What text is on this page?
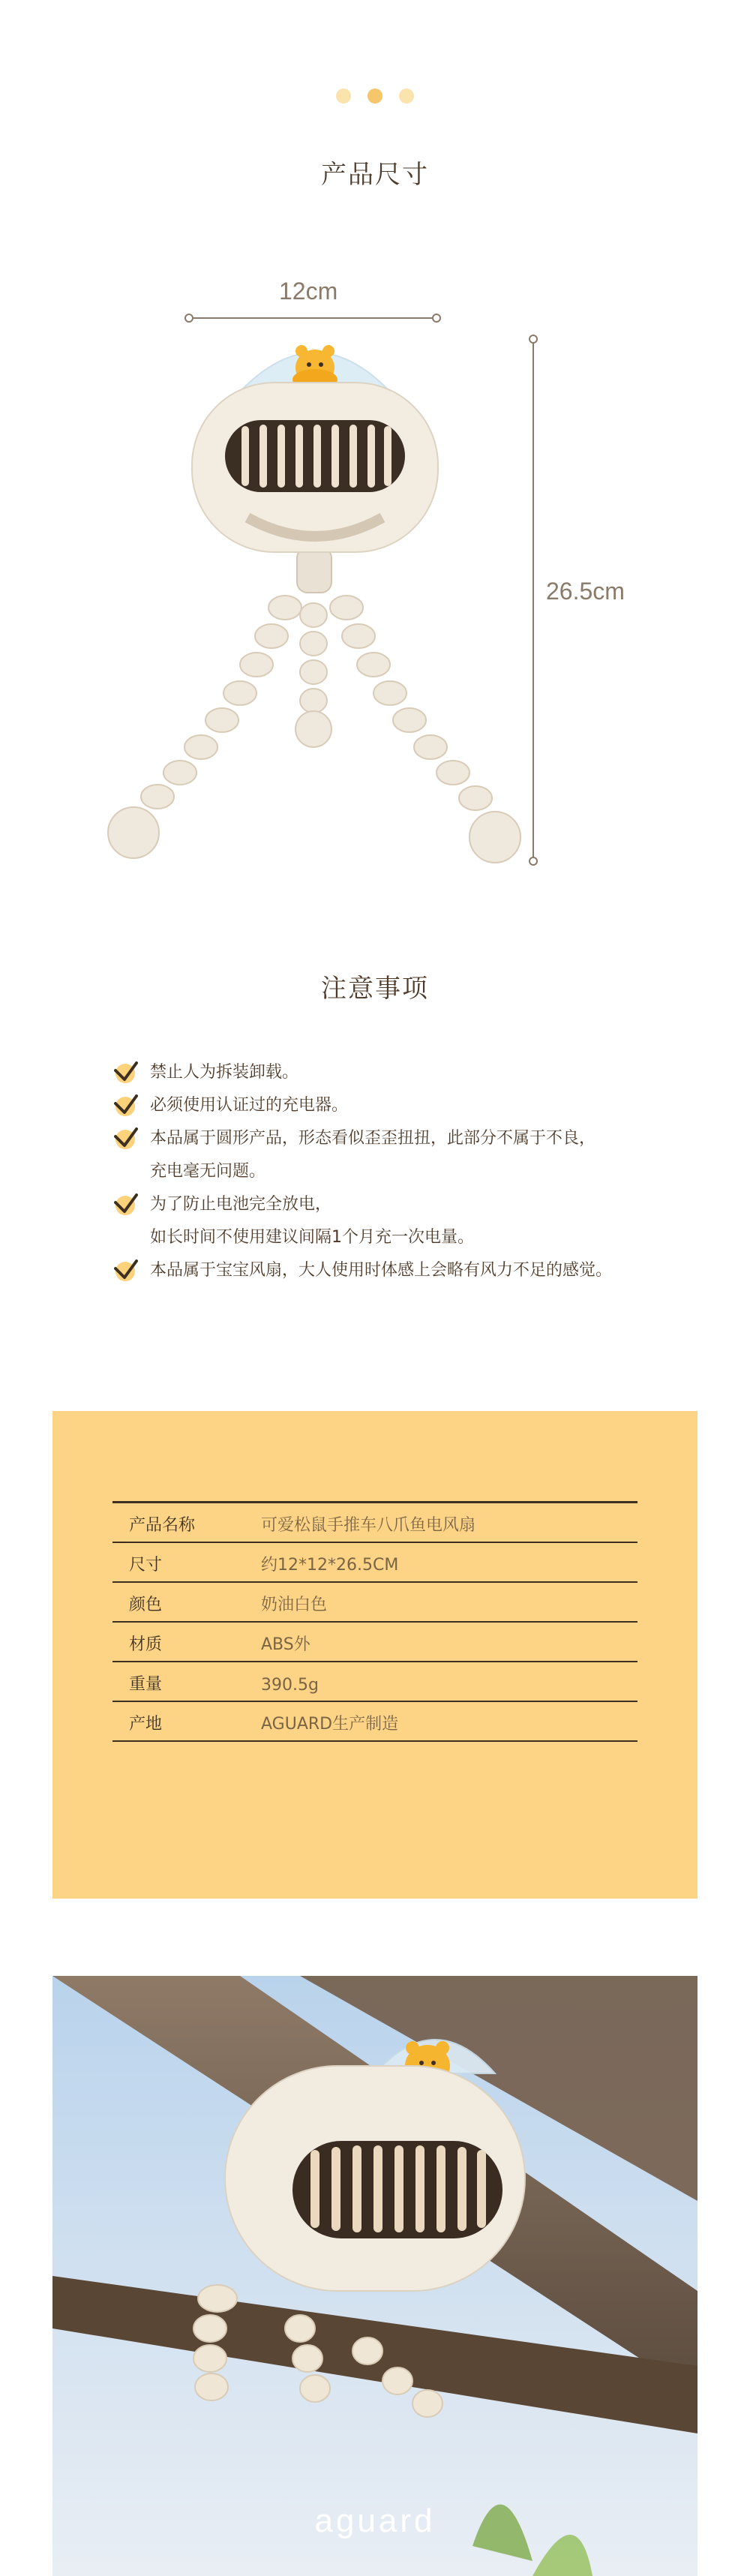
产品尺寸
12cm
26.5cm
注意事项
禁止人为拆装卸载。
必须使用认证过的充电器。
本品属于圆形产品，形态看似歪歪扭扭，此部分不属于不良，
充电毫无问题。
为了防止电池完全放电，
如长时间不使用建议间隔1个月充一次电量。
本品属于宝宝风扇，大人使用时体感上会略有风力不足的感觉。
产品名称	可爱松鼠手推车八爪鱼电风扇
尺寸	约12*12*26.5CM
颜色	奶油白色
材质	ABS外
重量	390.5g
产地	AGUARD生产制造
aguard
